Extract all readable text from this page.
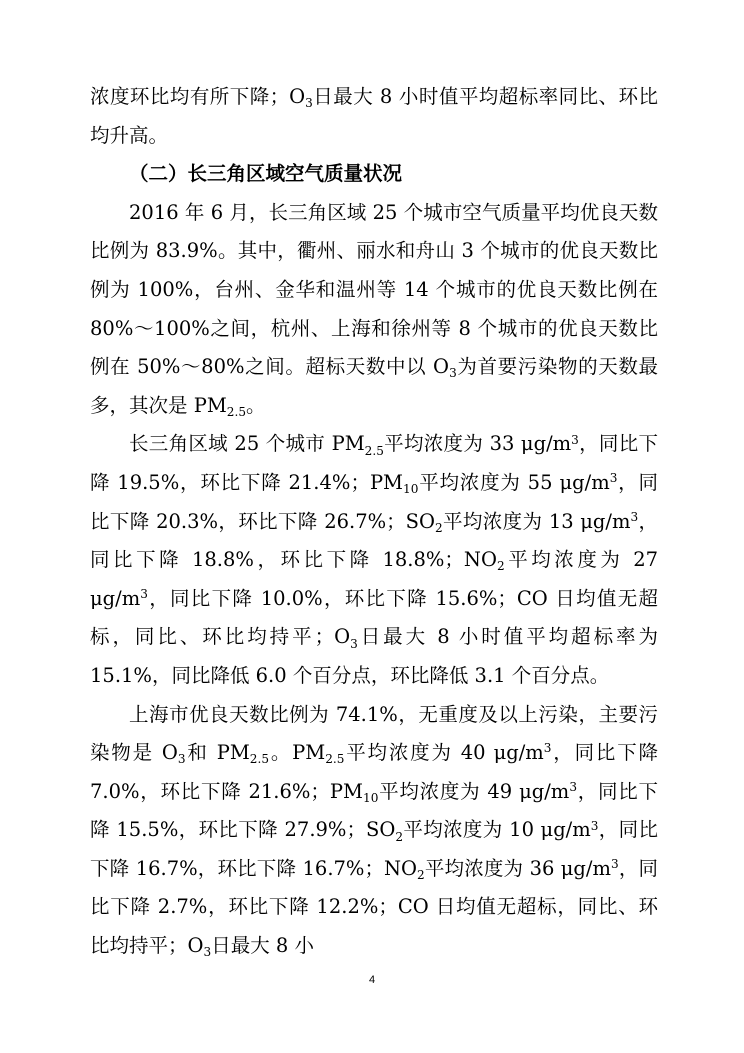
浓度环比均有所下降；$O_3$日最大 8 小时值平均超标率同比、环比均升高。

（二）长三角区域空气质量状况

2016 年 6 月，长三角区域 25 个城市空气质量平均优良天数比例为 83.9%。其中，衢州、丽水和舟山 3 个城市的优良天数比例为 100%，台州、金华和温州等 14 个城市的优良天数比例在 80%～100%之间，杭州、上海和徐州等 8 个城市的优良天数比例在 50%～80%之间。超标天数中以 $O_3$为首要污染物的天数最多，其次是 $PM_{2.5}$。

长三角区域 25 个城市 $PM_{2.5}$平均浓度为 33 $\mu g/m^3$，同比下降 19.5%，环比下降 21.4%；$PM_{10}$平均浓度为 55 $\mu g/m^3$，同比下降 20.3%，环比下降 26.7%；$SO_2$平均浓度为 13 $\mu g/m^3$，同比下降 18.8%，环比下降 18.8%；$NO_2$平均浓度为 27 $\mu g/m^3$，同比下降 10.0%，环比下降 15.6%；CO 日均值无超标，同比、环比均持平；$O_3$日最大 8 小时值平均超标率为 15.1%，同比降低 6.0 个百分点，环比降低 3.1 个百分点。

上海市优良天数比例为 74.1%，无重度及以上污染，主要污染物是 $O_3$和 $PM_{2.5}$。$PM_{2.5}$平均浓度为 40 $\mu g/m^3$，同比下降 7.0%，环比下降 21.6%；$PM_{10}$平均浓度为 49 $\mu g/m^3$，同比下降 15.5%，环比下降 27.9%；$SO_2$平均浓度为 10 $\mu g/m^3$，同比下降 16.7%，环比下降 16.7%；$NO_2$平均浓度为 36 $\mu g/m^3$，同比下降 2.7%，环比下降 12.2%；CO 日均值无超标，同比、环比均持平；$O_3$日最大 8 小

4
